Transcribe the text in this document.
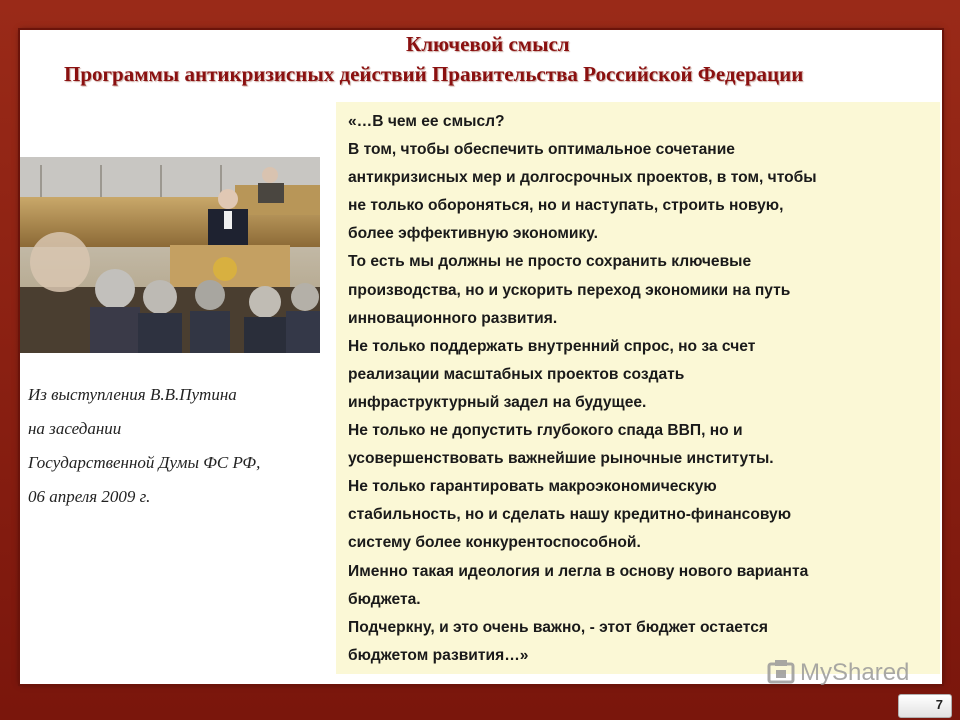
Ключевой смысл
Программы антикризисных действий Правительства Российской Федерации
Из выступления В.В.Путина
на заседании
Государственной Думы ФС РФ,
06 апреля 2009 г.
«…В чем ее смысл?
В том, чтобы обеспечить оптимальное сочетание
антикризисных мер и долгосрочных проектов, в том, чтобы
не только обороняться, но и наступать, строить новую,
более эффективную экономику.
То есть мы должны не просто сохранить ключевые
производства, но и ускорить переход экономики на путь
инновационного развития.
Не только поддержать внутренний спрос, но за счет
реализации масштабных проектов создать
инфраструктурный задел на будущее.
Не только не допустить глубокого спада ВВП, но и
усовершенствовать важнейшие рыночные институты.
Не только гарантировать макроэкономическую
стабильность, но и сделать нашу кредитно-финансовую
систему более конкурентоспособной.
Именно такая идеология и легла в основу нового варианта
бюджета.
Подчеркну, и это очень важно, - этот бюджет остается
бюджетом развития…»
MyShared
7
